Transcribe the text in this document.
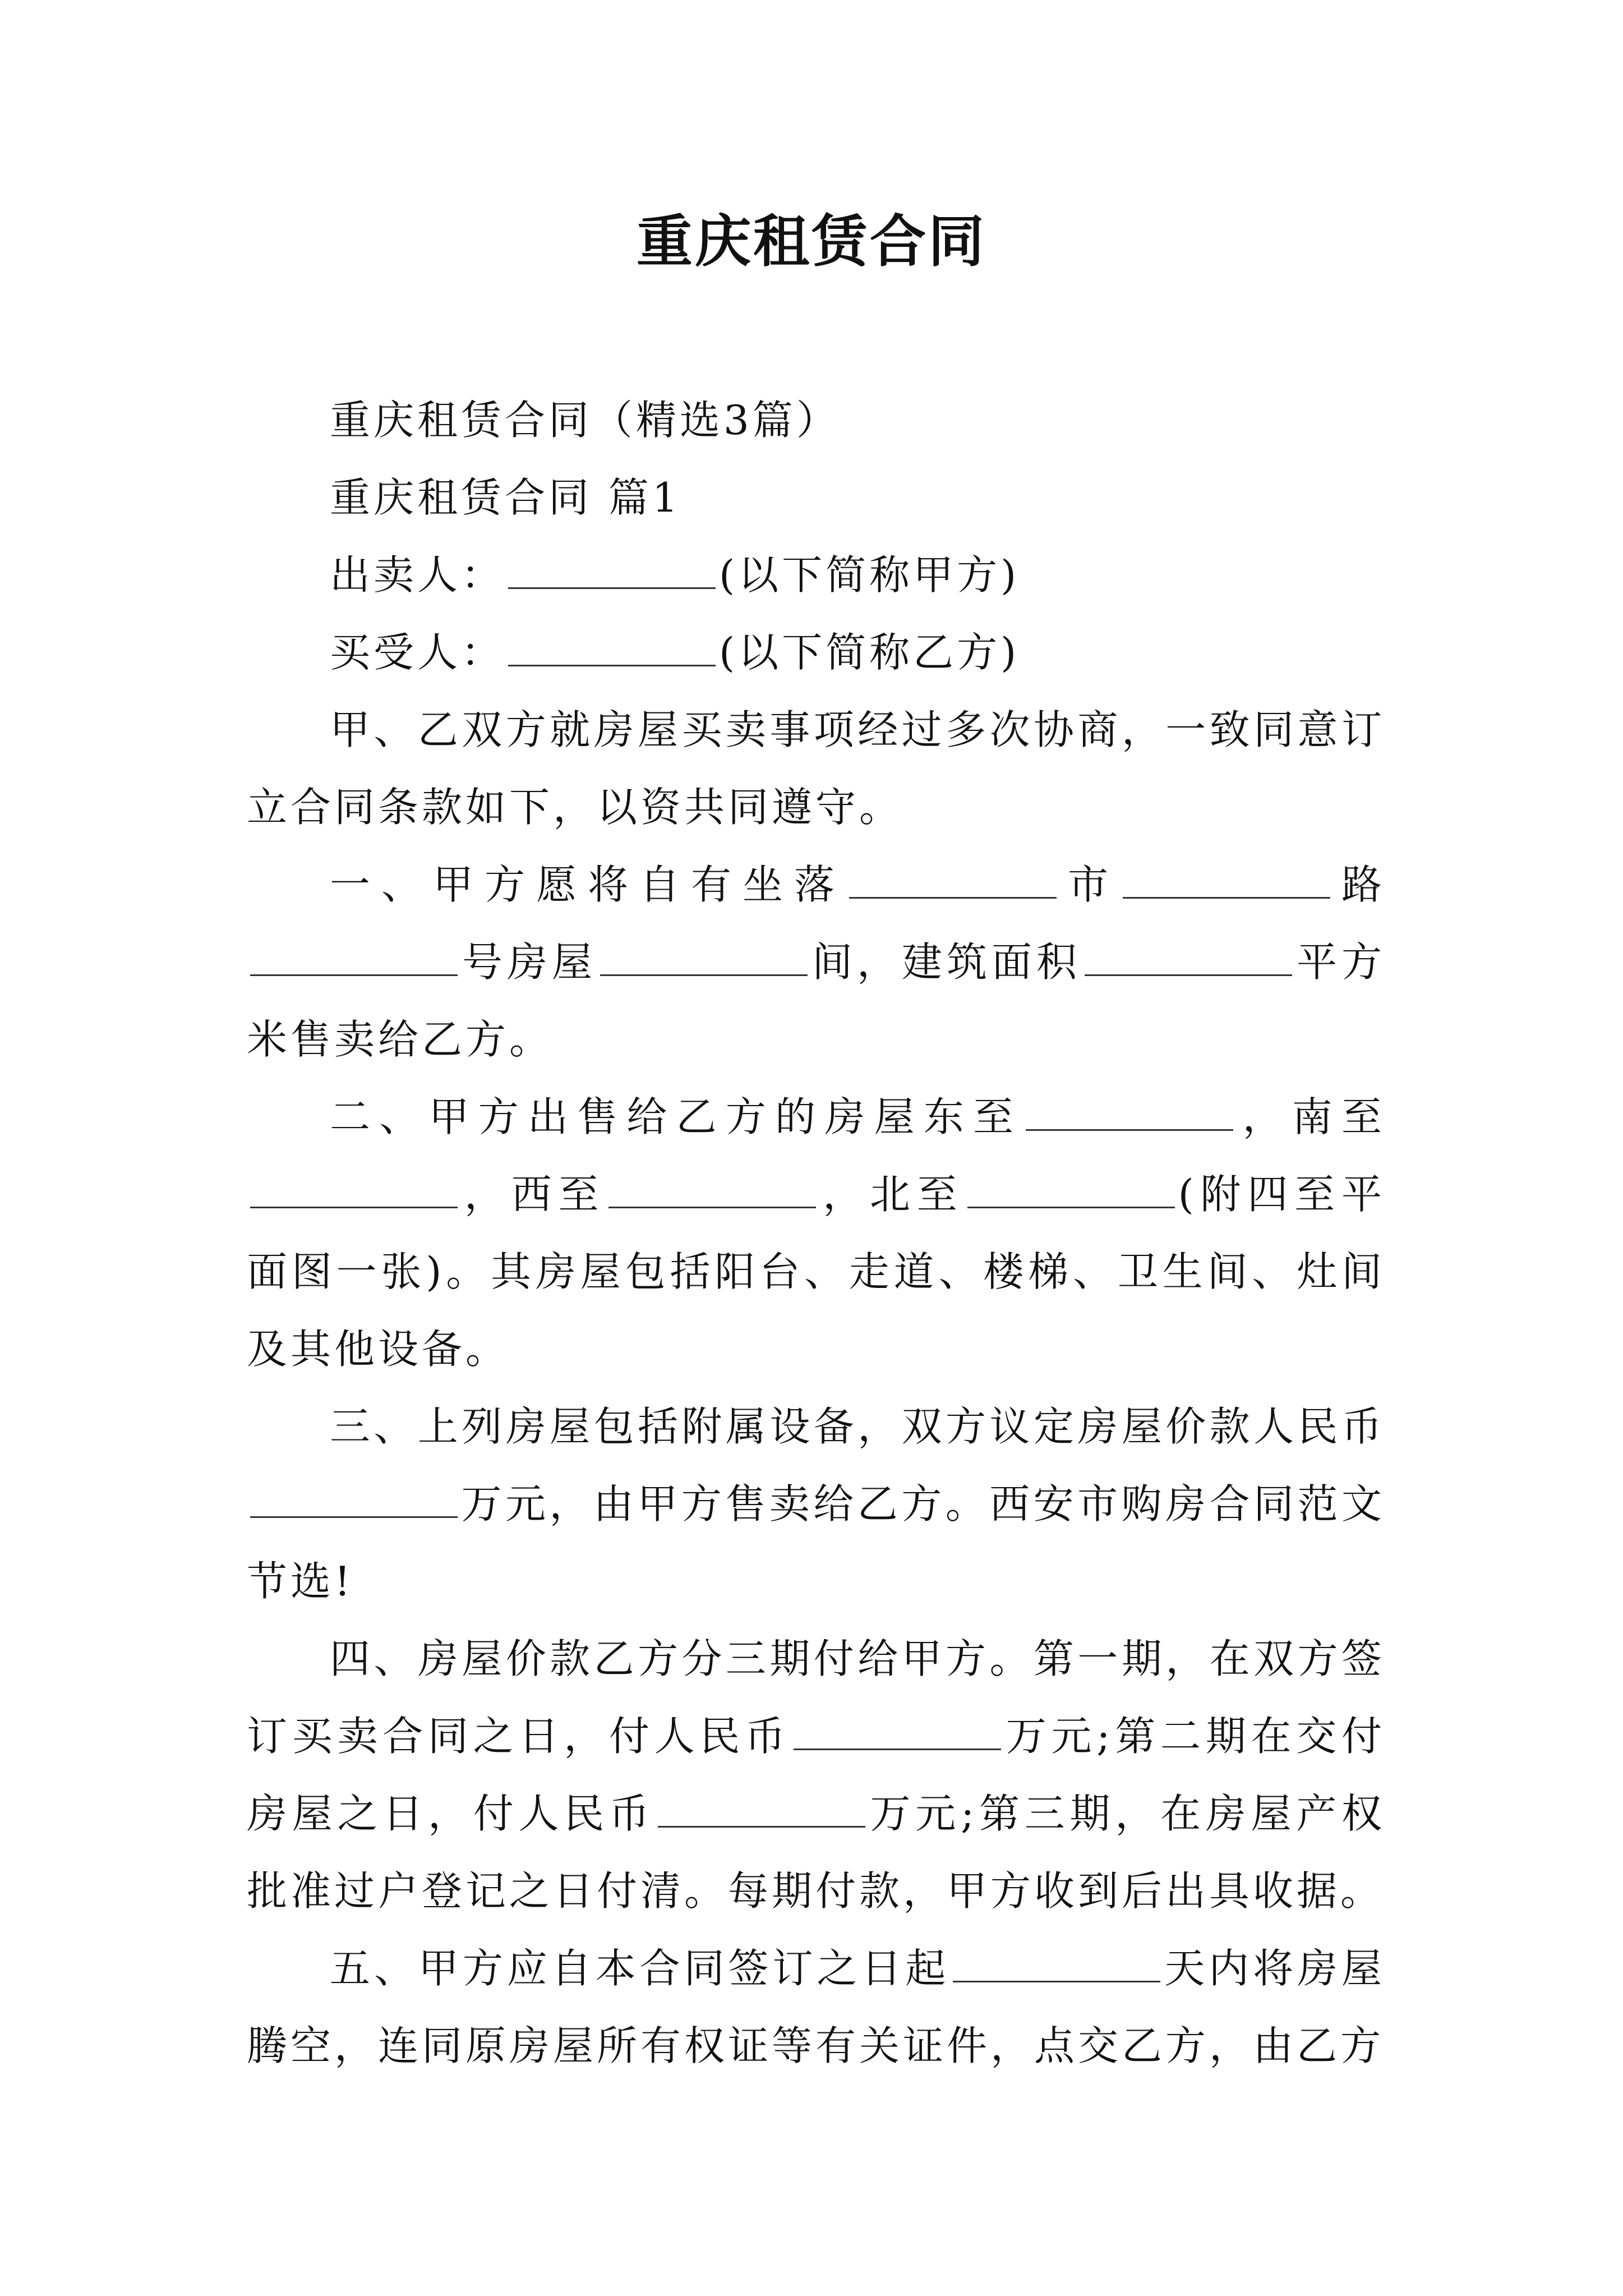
重庆租赁合同

重庆租赁合同（精选3篇）

重庆租赁合同 篇1

出卖人：	(以下简称甲方)

买受人：	(以下简称乙方)

甲、乙双方就房屋买卖事项经过多次协商，一致同意订立合同条款如下，以资共同遵守。

一、甲方愿将自有坐落	市	路号房屋	间，建筑面积	平方米售卖给乙方。

二、甲方出售给乙方的房屋东至	，南至，西至	，北至	(附四至平面图一张)。其房屋包括阳台、走道、楼梯、卫生间、灶间及其他设备。

三、上列房屋包括附属设备，双方议定房屋价款人民币万元，由甲方售卖给乙方。西安市购房合同范文节选!

四、房屋价款乙方分三期付给甲方。第一期，在双方签订买卖合同之日，付人民币	万元;第二期在交付房屋之日，付人民币	万元;第三期，在房屋产权批准过户登记之日付清。每期付款，甲方收到后出具收据。

五、甲方应自本合同签订之日起	天内将房屋腾空，连同原房屋所有权证等有关证件，点交乙方，由乙方
